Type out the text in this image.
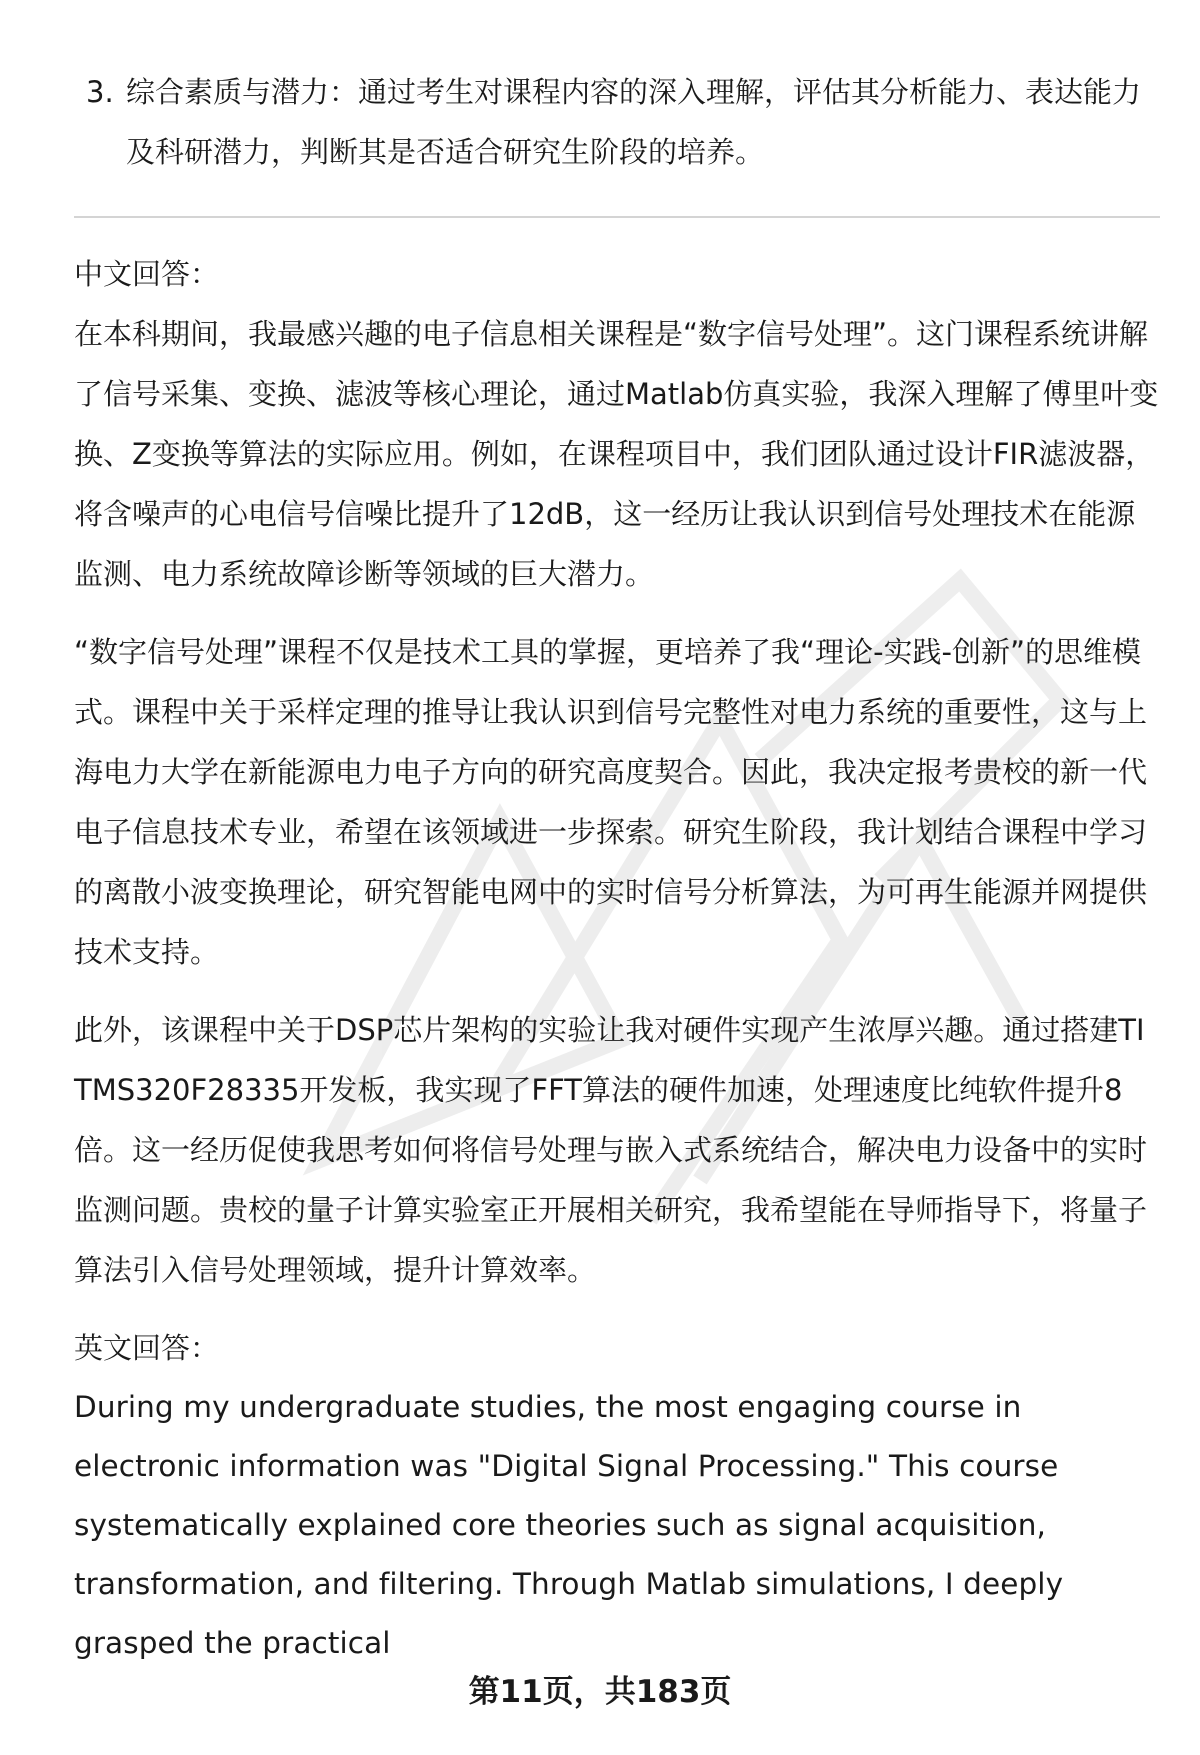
3. 综合素质与潜力：通过考生对课程内容的深入理解，评估其分析能力、表达能力及科研潜力，判断其是否适合研究生阶段的培养。
中文回答：

在本科期间，我最感兴趣的电子信息相关课程是“数字信号处理”。这门课程系统讲解了信号采集、变换、滤波等核心理论，通过Matlab仿真实验，我深入理解了傅里叶变换、Z变换等算法的实际应用。例如，在课程项目中，我们团队通过设计FIR滤波器，将含噪声的心电信号信噪比提升了12dB，这一经历让我认识到信号处理技术在能源监测、电力系统故障诊断等领域的巨大潜力。

“数字信号处理”课程不仅是技术工具的掌握，更培养了我“理论-实践-创新”的思维模式。课程中关于采样定理的推导让我认识到信号完整性对电力系统的重要性，这与上海电力大学在新能源电力电子方向的研究高度契合。因此，我决定报考贵校的新一代电子信息技术专业，希望在该领域进一步探索。研究生阶段，我计划结合课程中学习的离散小波变换理论，研究智能电网中的实时信号分析算法，为可再生能源并网提供技术支持。

此外，该课程中关于DSP芯片架构的实验让我对硬件实现产生浓厚兴趣。通过搭建TI TMS320F28335开发板，我实现了FFT算法的硬件加速，处理速度比纯软件提升8倍。这一经历促使我思考如何将信号处理与嵌入式系统结合，解决电力设备中的实时监测问题。贵校的量子计算实验室正开展相关研究，我希望能在导师指导下，将量子算法引入信号处理领域，提升计算效率。

英文回答：

During my undergraduate studies, the most engaging course in electronic information was "Digital Signal Processing." This course systematically explained core theories such as signal acquisition, transformation, and filtering. Through Matlab simulations, I deeply grasped the practical

第11页，共183页
